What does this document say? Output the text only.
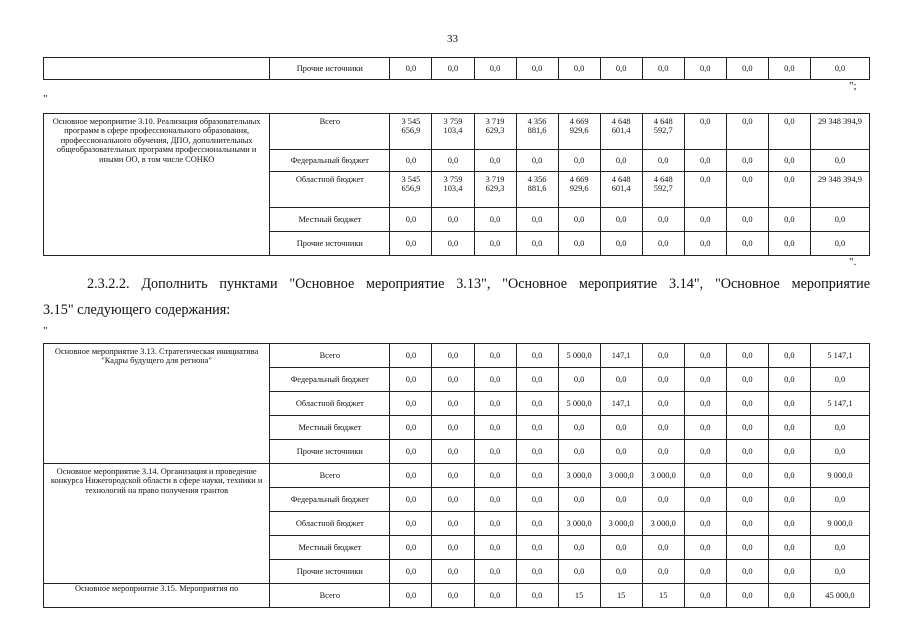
33
	Прочие источники	0,0	0,0	0,0	0,0	0,0	0,0	0,0	0,0	0,0	0,0	0,0
";
"
Основное мероприятие 3.10. Реализация образовательных программ в сфере профессионального образования, профессионального обучения, ДПО, дополнительных общеобразовательных программ профессиональными и иными ОО, в том числе СОНКО	Всего	3 545 656,9	3 759 103,4	3 719 629,3	4 356 881,6	4 669 929,6	4 648 601,4	4 648 592,7	0,0	0,0	0,0	29 348 394,9
	Федеральный бюджет	0,0	0,0	0,0	0,0	0,0	0,0	0,0	0,0	0,0	0,0	0,0
	Областной бюджет	3 545 656,9	3 759 103,4	3 719 629,3	4 356 881,6	4 669 929,6	4 648 601,4	4 648 592,7	0,0	0,0	0,0	29 348 394,9
	Местный бюджет	0,0	0,0	0,0	0,0	0,0	0,0	0,0	0,0	0,0	0,0	0,0
	Прочие источники	0,0	0,0	0,0	0,0	0,0	0,0	0,0	0,0	0,0	0,0	0,0
".
2.3.2.2. Дополнить пунктами "Основное мероприятие 3.13", "Основное мероприятие 3.14", "Основное мероприятие
3.15" следующего содержания:
"
Основное мероприятие 3.13. Стратегическая инициатива "Кадры будущего для региона"	Всего	0,0	0,0	0,0	0,0	5 000,0	147,1	0,0	0,0	0,0	0,0	5 147,1
	Федеральный бюджет	0,0	0,0	0,0	0,0	0,0	0,0	0,0	0,0	0,0	0,0	0,0
	Областной бюджет	0,0	0,0	0,0	0,0	5 000,0	147,1	0,0	0,0	0,0	0,0	5 147,1
	Местный бюджет	0,0	0,0	0,0	0,0	0,0	0,0	0,0	0,0	0,0	0,0	0,0
	Прочие источники	0,0	0,0	0,0	0,0	0,0	0,0	0,0	0,0	0,0	0,0	0,0
Основное мероприятие 3.14. Организация и проведение конкурса Нижегородской области в сфере науки, техники и технологий на право получения грантов	Всего	0,0	0,0	0,0	0,0	3 000,0	3 000,0	3 000,0	0,0	0,0	0,0	9 000,0
	Федеральный бюджет	0,0	0,0	0,0	0,0	0,0	0,0	0,0	0,0	0,0	0,0	0,0
	Областной бюджет	0,0	0,0	0,0	0,0	3 000,0	3 000,0	3 000,0	0,0	0,0	0,0	9 000,0
	Местный бюджет	0,0	0,0	0,0	0,0	0,0	0,0	0,0	0,0	0,0	0,0	0,0
	Прочие источники	0,0	0,0	0,0	0,0	0,0	0,0	0,0	0,0	0,0	0,0	0,0
Основное мероприятие 3.15. Мероприятия по	Всего	0,0	0,0	0,0	0,0	15	15	15	0,0	0,0	0,0	45 000,0
